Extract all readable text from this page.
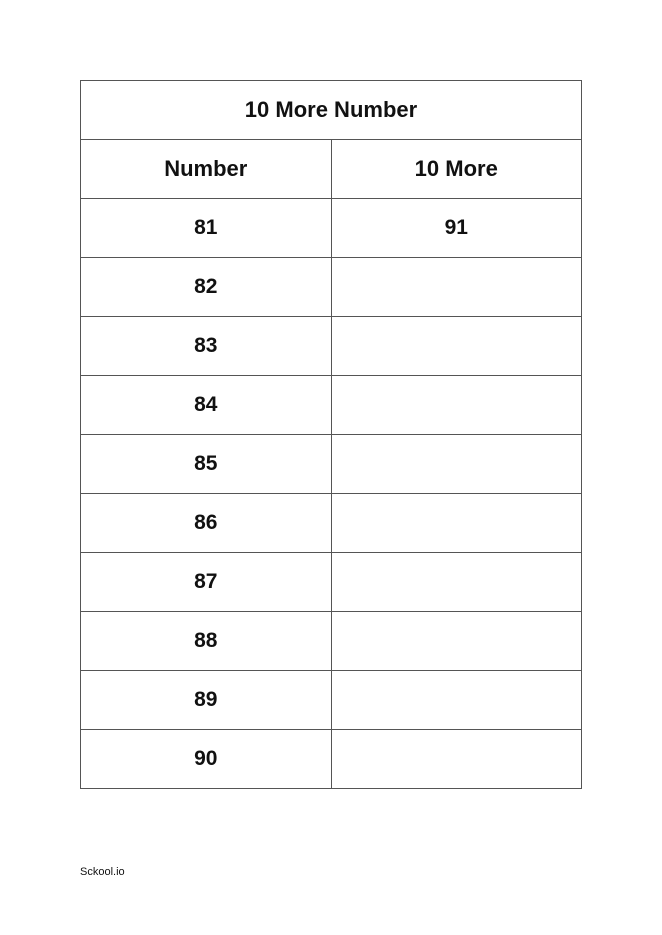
10 More Number	
Number	10 More
81	91
82	
83	
84	
85	
86	
87	
88	
89	
90	
Sckool.io
